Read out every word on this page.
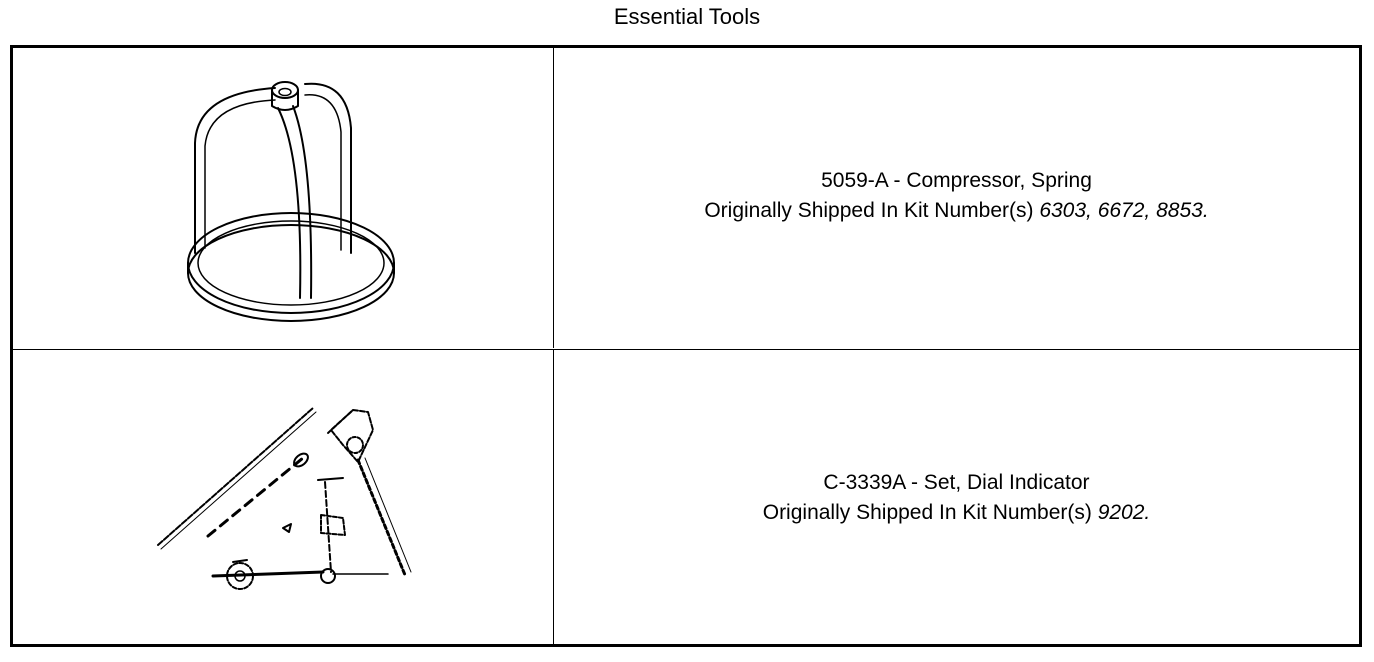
Essential Tools
5059-A - Compressor, Spring
Originally Shipped In Kit Number(s) 6303, 6672, 8853.
C-3339A - Set, Dial Indicator
Originally Shipped In Kit Number(s) 9202.
